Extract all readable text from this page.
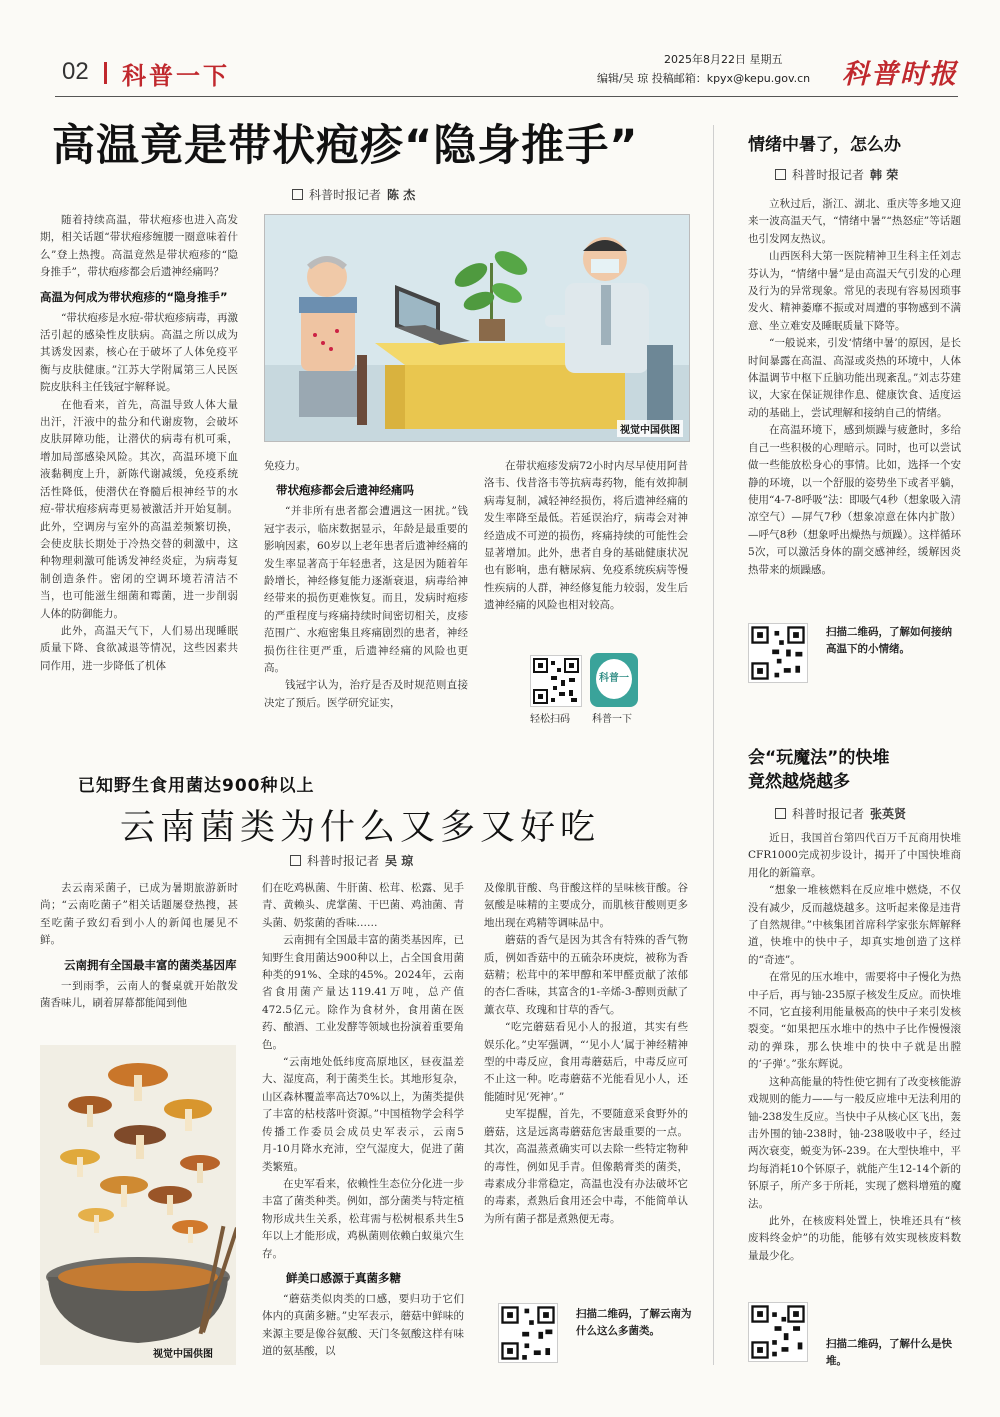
02 科普一下
2025年8月22日 星期五
编辑/吴 琼 投稿邮箱：kpyx@kepu.gov.cn 科普时报
高温竟是带状疱疹“隐身推手”
科普时报记者 陈 杰

随着持续高温，带状疱疹也进入高发期，相关话题“带状疱疹缠腰一圈意味着什么”登上热搜。高温竟然是带状疱疹的“隐身推手”，带状疱疹都会后遗神经痛吗？

高温为何成为带状疱疹的“隐身推手”

“带状疱疹是水痘-带状疱疹病毒，再激活引起的感染性皮肤病。高温之所以成为其诱发因素，核心在于破坏了人体免疫平衡与皮肤健康。”江苏大学附属第三人民医院皮肤科主任钱冠宇解释说。

在他看来，首先，高温导致人体大量出汗，汗液中的盐分和代谢废物，会破坏皮肤屏障功能，让潜伏的病毒有机可乘，增加局部感染风险。其次，高温环境下血液黏稠度上升，新陈代谢减缓，免疫系统活性降低，使潜伏在脊髓后根神经节的水痘-带状疱疹病毒更易被激活并开始复制。此外，空调房与室外的高温差频繁切换，会使皮肤长期处于冷热交替的刺激中，这种物理刺激可能诱发神经炎症，为病毒复制创造条件。密闭的空调环境若清洁不当，也可能滋生细菌和霉菌，进一步削弱人体的防御能力。

此外，高温天气下，人们易出现睡眠质量下降、食欲减退等情况，这些因素共同作用，进一步降低了机体

视觉中国供图

免疫力。

带状疱疹都会后遗神经痛吗

“并非所有患者都会遭遇这一困扰。”钱冠宇表示，临床数据显示，年龄是最重要的影响因素，60岁以上老年患者后遗神经痛的发生率显著高于年轻患者，这是因为随着年龄增长，神经修复能力逐渐衰退，病毒给神经带来的损伤更难恢复。而且，发病时疱疹的严重程度与疼痛持续时间密切相关，皮疹范围广、水疱密集且疼痛剧烈的患者，神经损伤往往更严重，后遗神经痛的风险也更高。

钱冠宇认为，治疗是否及时规范则直接决定了预后。医学研究证实，

在带状疱疹发病72小时内尽早使用阿昔洛韦、伐昔洛韦等抗病毒药物，能有效抑制病毒复制，减轻神经损伤，将后遗神经痛的发生率降至最低。若延误治疗，病毒会对神经造成不可逆的损伤，疼痛持续的可能性会显著增加。此外，患者自身的基础健康状况也有影响，患有糖尿病、免疫系统疾病等慢性疾病的人群，神经修复能力较弱，发生后遗神经痛的风险也相对较高。

科普一
轻松扫码 科普一下
情绪中暑了，怎么办
科普时报记者 韩 荣

立秋过后，浙江、湖北、重庆等多地又迎来一波高温天气，“情绪中暑”“热怒症”等话题也引发网友热议。

山西医科大第一医院精神卫生科主任刘志芬认为，“情绪中暑”是由高温天气引发的心理及行为的异常现象。常见的表现有容易因琐事发火、精神萎靡不振或对周遭的事物感到不满意、坐立难安及睡眠质量下降等。

“一般说来，引发‘情绪中暑’的原因，是长时间暴露在高温、高湿或炎热的环境中，人体体温调节中枢下丘脑功能出现紊乱。”刘志芬建议，大家在保证规律作息、健康饮食、适度运动的基础上，尝试理解和接纳自己的情绪。

在高温环境下，感到烦躁与疲惫时，多给自己一些积极的心理暗示。同时，也可以尝试做一些能放松身心的事情。比如，选择一个安静的环境，以一个舒服的姿势坐下或者平躺，使用“4-7-8呼吸”法：即吸气4秒（想象吸入清凉空气）—屏气7秒（想象凉意在体内扩散）—呼气8秒（想象呼出燥热与烦躁）。这样循环5次，可以激活身体的副交感神经，缓解因炎热带来的烦躁感。

扫描二维码，了解如何接纳高温下的小情绪。
会“玩魔法”的快堆
竟然越烧越多
科普时报记者 张英贤

近日，我国首台第四代百万千瓦商用快堆CFR1000完成初步设计，揭开了中国快堆商用化的新篇章。

“想象一堆核燃料在反应堆中燃烧，不仅没有减少，反而越烧越多。这听起来像是违背了自然规律。”中核集团首席科学家张东辉解释道，快堆中的快中子，却真实地创造了这样的“奇迹”。

在常见的压水堆中，需要将中子慢化为热中子后，再与铀-235原子核发生反应。而快堆不同，它直接利用能量极高的快中子来引发核裂变。“如果把压水堆中的热中子比作慢慢滚动的弹珠，那么快堆中的快中子就是出膛的‘子弹’。”张东辉说。

这种高能量的特性使它拥有了改变核能游戏规则的能力——与一般反应堆中无法利用的铀-238发生反应。当快中子从核心区飞出，轰击外围的铀-238时，铀-238吸收中子，经过两次衰变，蜕变为钚-239。在大型快堆中，平均每消耗10个钚原子，就能产生12-14个新的钚原子，所产多于所耗，实现了燃料增殖的魔法。

此外，在核废料处置上，快堆还具有“核废料终金炉”的功能，能够有效实现核废料数量最少化。

扫描二维码，了解什么是快堆。
已知野生食用菌达900种以上
云南菌类为什么又多又好吃
科普时报记者 吴 琼

去云南采菌子，已成为暑期旅游新时尚；“云南吃菌子”相关话题屡登热搜，甚至吃菌子致幻看到小人的新闻也屡见不鲜。

云南拥有全国最丰富的菌类基因库

一到雨季，云南人的餐桌就开始散发菌香味儿，刷着屏幕都能闻到他

视觉中国供图

们在吃鸡枞菌、牛肝菌、松茸、松露、见手青、黄赖头、虎掌菌、干巴菌、鸡油菌、青头菌、奶浆菌的香味……

云南拥有全国最丰富的菌类基因库，已知野生食用菌达900种以上，占全国食用菌种类的91%、全球的45%。2024年，云南省食用菌产量达119.41万吨，总产值472.5亿元。除作为食材外，食用菌在医药、酿酒、工业发酵等领域也扮演着重要角色。

“云南地处低纬度高原地区，昼夜温差大、湿度高，利于菌类生长。其地形复杂，山区森林覆盖率高达70%以上，为菌类提供了丰富的枯枝落叶资源。”中国植物学会科学传播工作委员会成员史军表示，云南5月-10月降水充沛，空气湿度大，促进了菌类繁殖。

在史军看来，依赖性生态位分化进一步丰富了菌类种类。例如，部分菌类与特定植物形成共生关系，松茸需与松树根系共生5年以上才能形成，鸡枞菌则依赖白蚁巢穴生存。

鲜美口感源于真菌多糖

“蘑菇类似肉类的口感，要归功于它们体内的真菌多糖。”史军表示，蘑菇中鲜味的来源主要是像谷氨酸、天门冬氨酸这样有味道的氨基酸，以

及像肌苷酸、鸟苷酸这样的呈味核苷酸。谷氨酸是味精的主要成分，而肌核苷酸则更多地出现在鸡精等调味品中。

蘑菇的香气是因为其含有特殊的香气物质，例如香菇中的五硫杂环庚烷，被称为香菇精；松茸中的苯甲醇和苯甲醛贡献了浓郁的杏仁香味，其富含的1-辛烯-3-醇则贡献了薰衣草、玫瑰和甘草的香气。

“吃完蘑菇看见小人的报道，其实有些娱乐化。”史军强调，“‘见小人’属于神经精神型的中毒反应，食用毒蘑菇后，中毒反应可不止这一种。吃毒蘑菇不光能看见小人，还能随时见‘死神’。”

史军提醒，首先，不要随意采食野外的蘑菇，这是远离毒蘑菇危害最重要的一点。其次，高温蒸煮确实可以去除一些特定物种的毒性，例如见手青。但像鹅膏类的菌类，毒素成分非常稳定，高温也没有办法破坏它的毒素，煮熟后食用还会中毒，不能简单认为所有菌子都是煮熟便无毒。

扫描二维码，了解云南为什么这么多菌类。
